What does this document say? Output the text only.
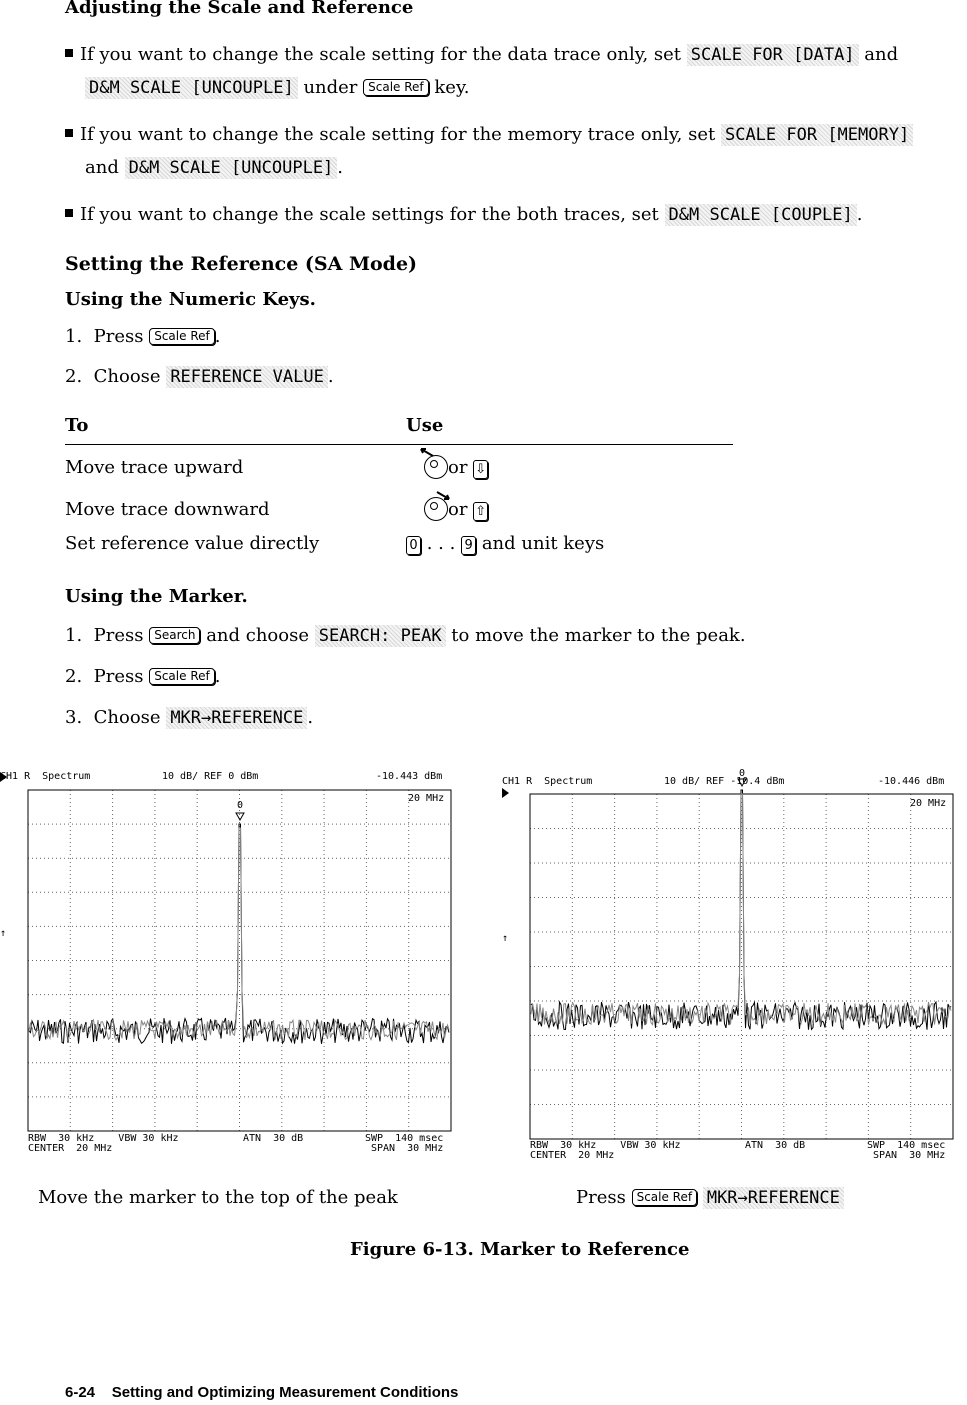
Adjusting the Scale and Reference
If you want to change the scale setting for the data trace only, set SCALE FOR [DATA] and
D&M SCALE [UNCOUPLE] under Scale Ref key.
If you want to change the scale setting for the memory trace only, set SCALE FOR [MEMORY]
and D&M SCALE [UNCOUPLE] .
If you want to change the scale settings for the both traces, set D&M SCALE [COUPLE] .
Setting the Reference (SA Mode)
Using the Numeric Keys.
1. Press Scale Ref .
2. Choose REFERENCE VALUE .
To	Use
Move trace upward	or ⇩
Move trace downward	or ⇧
Set reference value directly	0 . . . 9 and unit keys
Using the Marker.
1. Press Search and choose SEARCH: PEAK to move the marker to the peak.
2. Press Scale Ref .
3. Choose MKR→REFERENCE .
CH1 R  Spectrum	10 dB/ REF 0 dBm	-10.443 dBm
↑
0
20 MHz
RBW  30 kHz    VBW 30 kHz
CENTER  20 MHz
ATN  30 dB	SWP  140 msec
SPAN  30 MHz
CH1 R  Spectrum	10 dB/ REF -10.4 dBm	-10.446 dBm
↑
0
20 MHz
RBW  30 kHz    VBW 30 kHz
CENTER  20 MHz
ATN  30 dB	SWP  140 msec
SPAN  30 MHz
Move the marker to the top of the peak	Press Scale Ref MKR→REFERENCE
Figure 6-13. Marker to Reference
6-24    Setting and Optimizing Measurement Conditions
